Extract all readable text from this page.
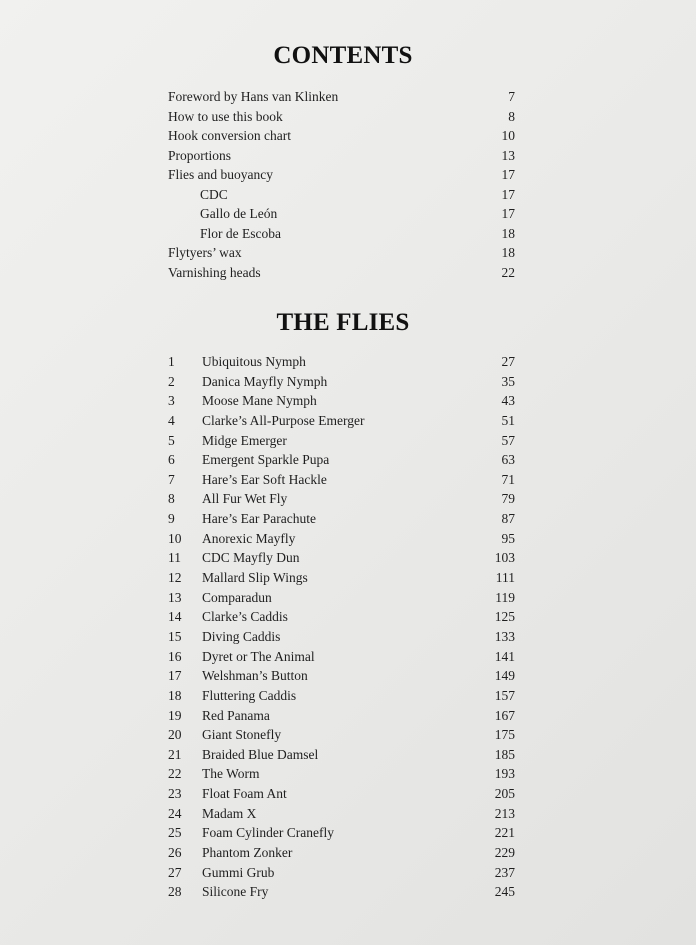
CONTENTS
Foreword by Hans van Klinken	7
How to use this book	8
Hook conversion chart	10
Proportions	13
Flies and buoyancy	17
CDC	17
Gallo de León	17
Flor de Escoba	18
Flytyers’ wax	18
Varnishing heads	22
THE FLIES
1	Ubiquitous Nymph	27
2	Danica Mayfly Nymph	35
3	Moose Mane Nymph	43
4	Clarke’s All-Purpose Emerger	51
5	Midge Emerger	57
6	Emergent Sparkle Pupa	63
7	Hare’s Ear Soft Hackle	71
8	All Fur Wet Fly	79
9	Hare’s Ear Parachute	87
10	Anorexic Mayfly	95
11	CDC Mayfly Dun	103
12	Mallard Slip Wings	111
13	Comparadun	119
14	Clarke’s Caddis	125
15	Diving Caddis	133
16	Dyret or The Animal	141
17	Welshman’s Button	149
18	Fluttering Caddis	157
19	Red Panama	167
20	Giant Stonefly	175
21	Braided Blue Damsel	185
22	The Worm	193
23	Float Foam Ant	205
24	Madam X	213
25	Foam Cylinder Cranefly	221
26	Phantom Zonker	229
27	Gummi Grub	237
28	Silicone Fry	245
